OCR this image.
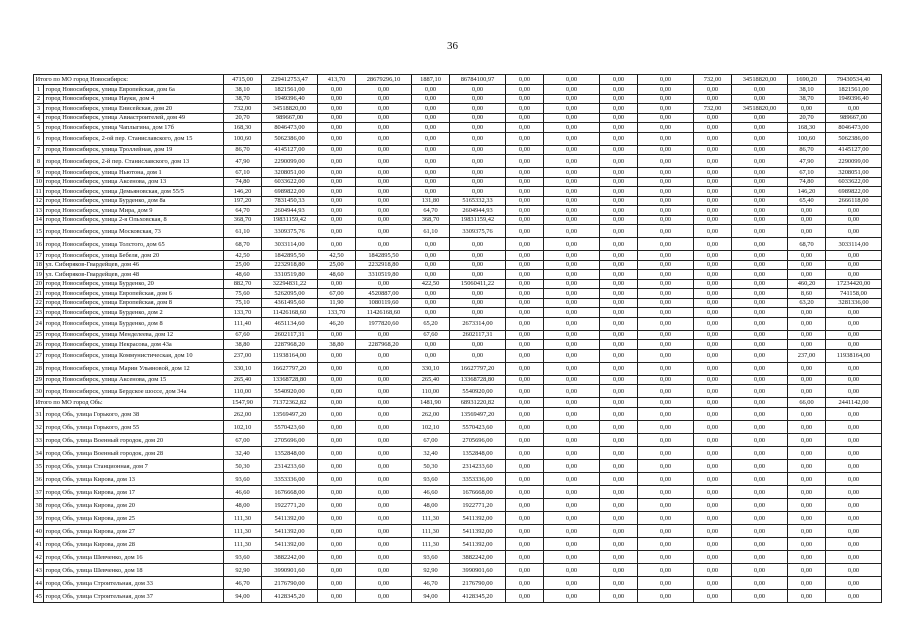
36
Итого по МО город Новосибирск:		4715,00	229412753,47	413,70	28679296,10	1887,10	86784100,97	0,00	0,00	0,00	0,00	732,00	34518820,00	1690,20	79430534,40
1	город Новосибирск, улица Европейская, дом 6а	38,10	1821561,00	0,00	0,00	0,00	0,00	0,00	0,00	0,00	0,00	0,00	0,00	38,10	1821561,00
2	город Новосибирск, улица Науки, дом 4	38,70	1949396,40	0,00	0,00	0,00	0,00	0,00	0,00	0,00	0,00	0,00	0,00	38,70	1949396,40
3	город Новосибирск, улица Енисейская, дом 20	732,00	34518820,00	0,00	0,00	0,00	0,00	0,00	0,00	0,00	0,00	732,00	34518820,00	0,00	0,00
4	город Новосибирск, улица Авиастроителей, дом 49	20,70	989667,00	0,00	0,00	0,00	0,00	0,00	0,00	0,00	0,00	0,00	0,00	20,70	989667,00
5	город Новосибирск, улица Чаплыгина, дом 17б	168,30	8046473,00	0,00	0,00	0,00	0,00	0,00	0,00	0,00	0,00	0,00	0,00	168,30	8046473,00
6	город Новосибирск, 2-ой пер. Станиславского, дом 15	100,60	5062386,00	0,00	0,00	0,00	0,00	0,00	0,00	0,00	0,00	0,00	0,00	100,60	5062386,00
7	город Новосибирск, улица Троллейная, дом 19	86,70	4145127,00	0,00	0,00	0,00	0,00	0,00	0,00	0,00	0,00	0,00	0,00	86,70	4145127,00
8	город Новосибирск, 2-й пер. Станиславского, дом 13	47,90	2290099,00	0,00	0,00	0,00	0,00	0,00	0,00	0,00	0,00	0,00	0,00	47,90	2290099,00
9	город Новосибирск, улица Ньютона, дом 1	67,10	3208051,00	0,00	0,00	0,00	0,00	0,00	0,00	0,00	0,00	0,00	0,00	67,10	3208051,00
10	город Новосибирск, улица Аксенова, дом 13	74,80	6033622,00	0,00	0,00	0,00	0,00	0,00	0,00	0,00	0,00	0,00	0,00	74,80	6033622,00
11	город Новосибирск, улица Демьяновская, дом 55/5	146,20	6989822,00	0,00	0,00	0,00	0,00	0,00	0,00	0,00	0,00	0,00	0,00	146,20	6989822,00
12	город Новосибирск, улица Бурденко, дом 8а	197,20	7831450,33	0,00	0,00	131,80	5165332,33	0,00	0,00	0,00	0,00	0,00	0,00	65,40	2666118,00
13	город Новосибирск, улица Мира, дом 9	64,70	2604944,93	0,00	0,00	64,70	2604944,93	0,00	0,00	0,00	0,00	0,00	0,00	0,00	0,00
14	город Новосибирск, улица 2-я Ольховская, 8	368,70	19831159,42	0,00	0,00	368,70	19831159,42	0,00	0,00	0,00	0,00	0,00	0,00	0,00	0,00
15	город Новосибирск, улица Московская, 73	61,10	3309375,76	0,00	0,00	61,10	3309375,76	0,00	0,00	0,00	0,00	0,00	0,00	0,00	0,00
16	город Новосибирск, улица Толстого, дом 65	68,70	3033114,00	0,00	0,00	0,00	0,00	0,00	0,00	0,00	0,00	0,00	0,00	68,70	3033114,00
17	город Новосибирск, улица Бебеля, дом 20	42,50	1842895,50	42,50	1842895,50	0,00	0,00	0,00	0,00	0,00	0,00	0,00	0,00	0,00	0,00
18	ул. Сибиряков-Гвардейцев, дом 46	25,00	2232918,80	25,00	2232918,80	0,00	0,00	0,00	0,00	0,00	0,00	0,00	0,00	0,00	0,00
19	ул. Сибиряков-Гвардейцев, дом 48	48,60	3310519,80	48,60	3310519,80	0,00	0,00	0,00	0,00	0,00	0,00	0,00	0,00	0,00	0,00
20	город Новосибирск, улица Бурденко, 20	882,70	32294831,22	0,00	0,00	422,50	15060411,22	0,00	0,00	0,00	0,00	0,00	0,00	460,20	17234420,00
21	город Новосибирск, улица Европейская, дом 6	75,60	5262095,00	67,00	4520887,00	0,00	0,00	0,00	0,00	0,00	0,00	0,00	0,00	8,60	741158,00
22	город Новосибирск, улица Европейская, дом 8	75,10	4361495,60	11,90	1080119,60	0,00	0,00	0,00	0,00	0,00	0,00	0,00	0,00	63,20	3281336,00
23	город Новосибирск, улица Бурденко, дом 2	133,70	11426168,60	133,70	11426168,60	0,00	0,00	0,00	0,00	0,00	0,00	0,00	0,00	0,00	0,00
24	город Новосибирск, улица Бурденко, дом 8	111,40	4651134,60	46,20	1977820,60	65,20	2673314,00	0,00	0,00	0,00	0,00	0,00	0,00	0,00	0,00
25	город Новосибирск, улица Менделеева, дом 12	67,60	2602117,31	0,00	0,00	67,60	2602117,31	0,00	0,00	0,00	0,00	0,00	0,00	0,00	0,00
26	город Новосибирск, улица Некрасова, дом 43а	38,80	2287968,20	38,80	2287968,20	0,00	0,00	0,00	0,00	0,00	0,00	0,00	0,00	0,00	0,00
27	город Новосибирск, улица Коммунистическая, дом 10	237,00	11938164,00	0,00	0,00	0,00	0,00	0,00	0,00	0,00	0,00	0,00	0,00	237,00	11938164,00
28	город Новосибирск, улица Марии Ульяновой, дом 12	330,10	16627797,20	0,00	0,00	330,10	16627797,20	0,00	0,00	0,00	0,00	0,00	0,00	0,00	0,00
29	город Новосибирск, улица Аксенова, дом 15	265,40	13368728,80	0,00	0,00	265,40	13368728,80	0,00	0,00	0,00	0,00	0,00	0,00	0,00	0,00
30	город Новосибирск, улица Бердское шоссе, дом 34а	110,00	5540920,00	0,00	0,00	110,00	5540920,00	0,00	0,00	0,00	0,00	0,00	0,00	0,00	0,00
Итого по МО город Обь:		1547,90	71372362,82	0,00	0,00	1481,90	68931220,82	0,00	0,00	0,00	0,00	0,00	0,00	66,00	2441142,00
31	город Обь, улица Горького, дом 38	262,00	13569497,20	0,00	0,00	262,00	13569497,20	0,00	0,00	0,00	0,00	0,00	0,00	0,00	0,00
32	город Обь, улица Горького, дом 55	102,10	5570423,60	0,00	0,00	102,10	5570423,60	0,00	0,00	0,00	0,00	0,00	0,00	0,00	0,00
33	город Обь, улица Военный городок, дом 20	67,00	2705696,00	0,00	0,00	67,00	2705696,00	0,00	0,00	0,00	0,00	0,00	0,00	0,00	0,00
34	город Обь, улица Военный городок, дом 28	32,40	1352848,00	0,00	0,00	32,40	1352848,00	0,00	0,00	0,00	0,00	0,00	0,00	0,00	0,00
35	город Обь, улица Станционная, дом 7	50,30	2314233,60	0,00	0,00	50,30	2314233,60	0,00	0,00	0,00	0,00	0,00	0,00	0,00	0,00
36	город Обь, улица Кирова, дом 13	93,60	3353336,00	0,00	0,00	93,60	3353336,00	0,00	0,00	0,00	0,00	0,00	0,00	0,00	0,00
37	город Обь, улица Кирова, дом 17	46,60	1676668,00	0,00	0,00	46,60	1676668,00	0,00	0,00	0,00	0,00	0,00	0,00	0,00	0,00
38	город Обь, улица Кирова, дом 20	48,00	1922771,20	0,00	0,00	48,00	1922771,20	0,00	0,00	0,00	0,00	0,00	0,00	0,00	0,00
39	город Обь, улица Кирова, дом 25	111,30	5411392,00	0,00	0,00	111,30	5411392,00	0,00	0,00	0,00	0,00	0,00	0,00	0,00	0,00
40	город Обь, улица Кирова, дом 27	111,30	5411392,00	0,00	0,00	111,30	5411392,00	0,00	0,00	0,00	0,00	0,00	0,00	0,00	0,00
41	город Обь, улица Кирова, дом 28	111,30	5411392,00	0,00	0,00	111,30	5411392,00	0,00	0,00	0,00	0,00	0,00	0,00	0,00	0,00
42	город Обь, улица Шевченко, дом 16	93,60	3882242,00	0,00	0,00	93,60	3882242,00	0,00	0,00	0,00	0,00	0,00	0,00	0,00	0,00
43	город Обь, улица Шевченко, дом 18	92,90	3990901,60	0,00	0,00	92,90	3990901,60	0,00	0,00	0,00	0,00	0,00	0,00	0,00	0,00
44	город Обь, улица Строительная, дом 33	46,70	2176790,00	0,00	0,00	46,70	2176790,00	0,00	0,00	0,00	0,00	0,00	0,00	0,00	0,00
45	город Обь, улица Строительная, дом 37	94,00	4128345,20	0,00	0,00	94,00	4128345,20	0,00	0,00	0,00	0,00	0,00	0,00	0,00	0,00
